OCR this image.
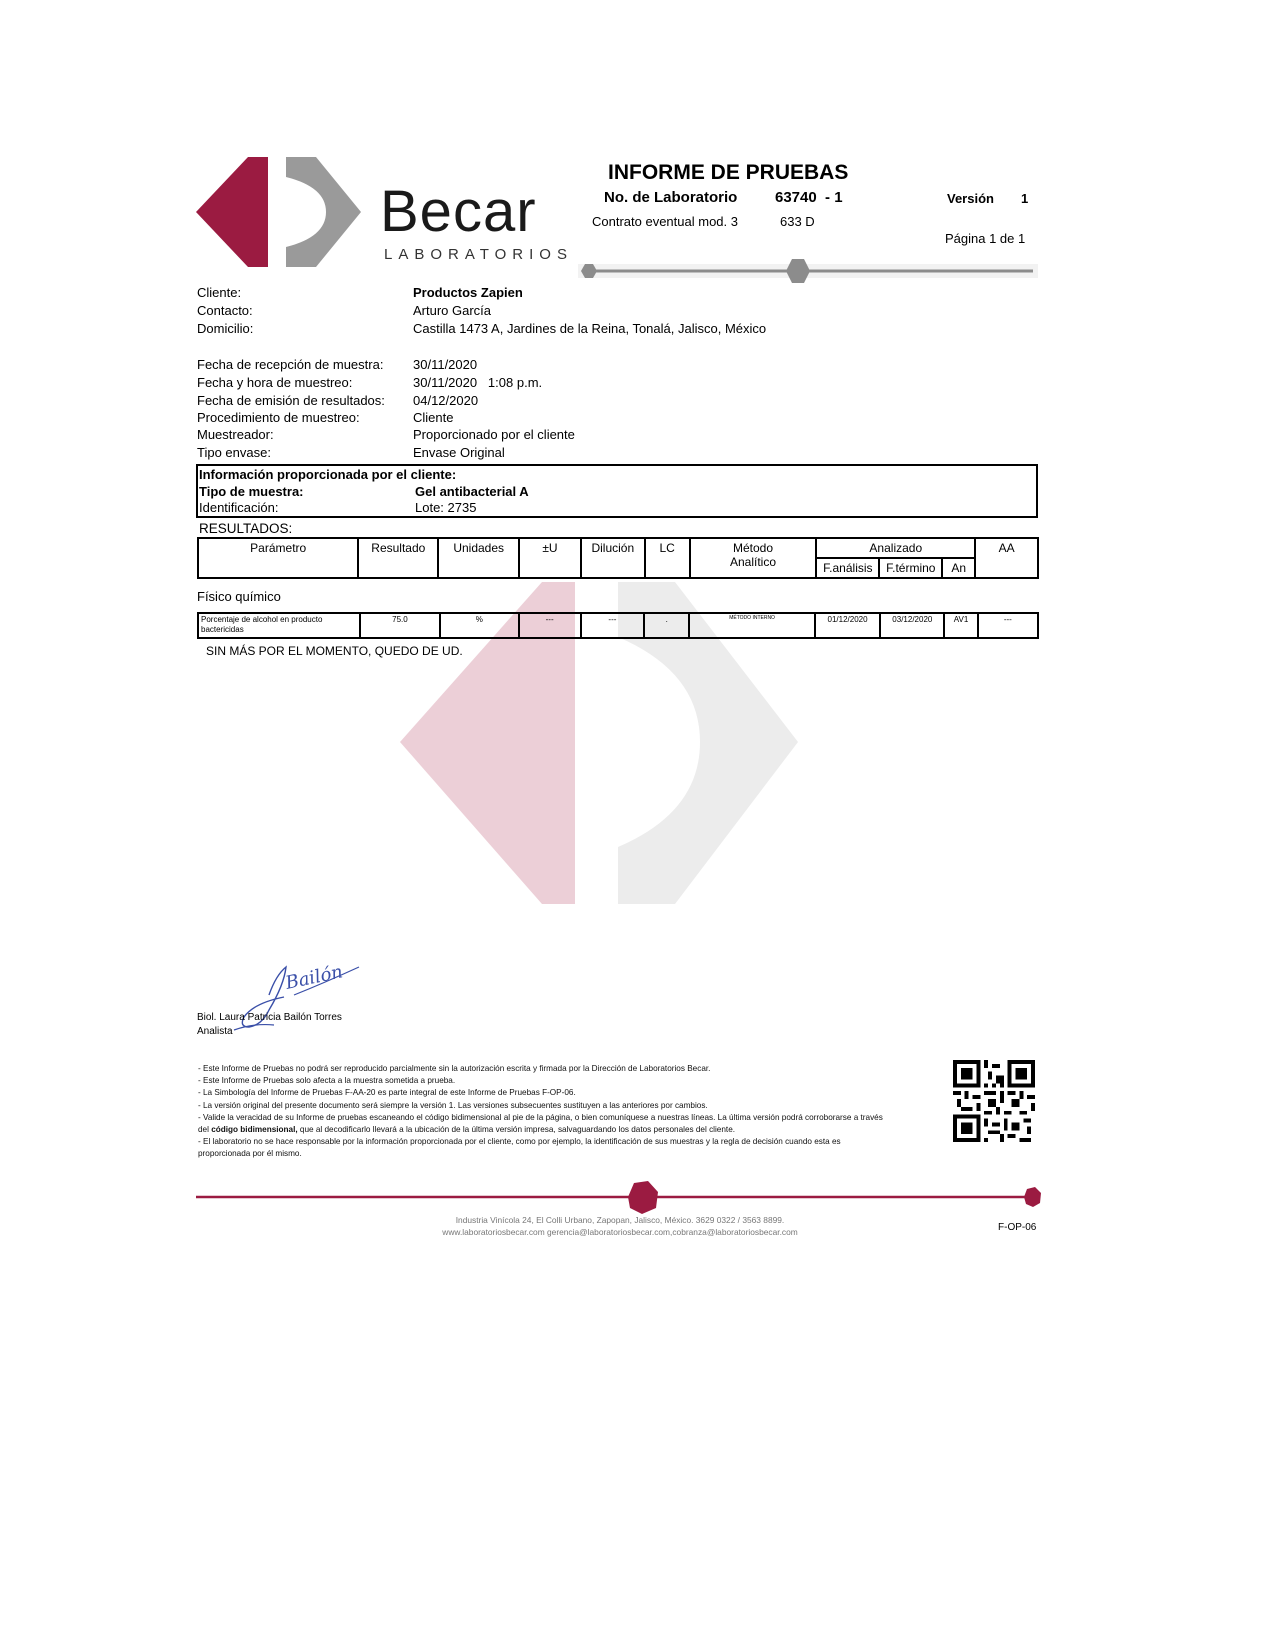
Becar
LABORATORIOS
INFORME DE PRUEBAS
No. de Laboratorio	63740  - 1	Versión 1
Contrato eventual mod. 3	633 D
Página 1 de 1
Cliente:	Productos Zapien
Contacto:	Arturo García
Domicilio:	Castilla 1473 A, Jardines de la Reina, Tonalá, Jalisco, México
Fecha de recepción de muestra: 30/11/2020
Fecha y hora de muestreo:	30/11/2020   1:08 p.m.
Fecha de emisión de resultados: 04/12/2020
Procedimiento de muestreo:	Cliente
Muestreador:	Proporcionado por el cliente
Tipo envase:	Envase Original
Información proporcionada por el cliente:
Tipo de muestra:	Gel antibacterial A
Identificación:	Lote: 2735
RESULTADOS:
Parámetro	Resultado	Unidades	±U	Dilución	LC	Método Analítico	Analizado			AA
							F.análisis	F.término	An	
Físico químico
Porcentaje de alcohol en producto bactericidas	75.0	%	---	---	.	MÉTODO INTERNO	01/12/2020	03/12/2020	AV1	---
SIN MÁS POR EL MOMENTO, QUEDO DE UD.
Bailón
Biol. Laura Patricia Bailón Torres
Analista
- Este Informe de Pruebas no podrá ser reproducido parcialmente sin la autorización escrita y firmada por la Dirección de Laboratorios Becar.
- Este Informe de Pruebas solo afecta a la muestra sometida a prueba.
- La Simbología del Informe de Pruebas F-AA-20 es parte integral de este Informe de Pruebas F-OP-06.
- La versión original del presente documento será siempre la versión 1. Las versiones subsecuentes sustituyen a las anteriores por cambios.
- Valide la veracidad de su Informe de pruebas escaneando el código bidimensional al pie de la página, o bien comuníquese a nuestras líneas. La última versión podrá corroborarse a través del código bidimensional, que al decodificarlo llevará a la ubicación de la última versión impresa, salvaguardando los datos personales del cliente.
- El laboratorio no se hace responsable por la información proporcionada por el cliente, como por ejemplo, la identificación de sus muestras y la regla de decisión cuando esta es proporcionada por él mismo.
Industria Vinícola 24, El Colli Urbano, Zapopan, Jalisco, México. 3629 0322 / 3563 8899.
www.laboratoriosbecar.com gerencia@laboratoriosbecar.com,cobranza@laboratoriosbecar.com	F-OP-06
